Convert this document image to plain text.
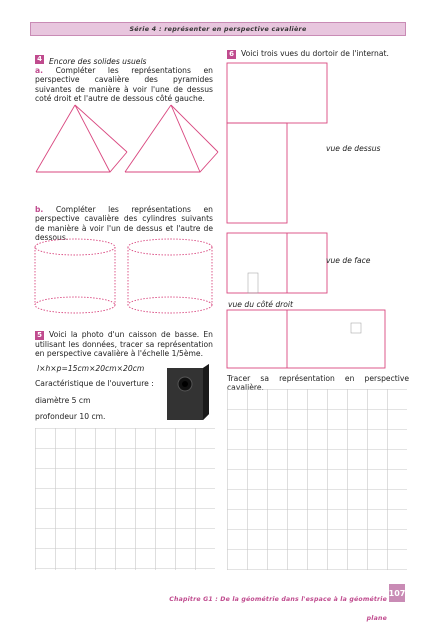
Série 4 : représenter en perspective cavalière
4 Encore des solides usuels
a. Compléter les représentations en perspective cavalière des pyramides suivantes de manière à voir l'une de dessus coté droit et l'autre de dessous côté gauche.
b. Compléter les représentations en perspective cavalière des cylindres suivants de manière à voir l'un de dessus et l'autre de dessous.
5 Voici la photo d'un caisson de basse. En utilisant les données, tracer sa représentation en perspective cavalière à l'échelle 1/5ème.
l×h×p=15cm×20cm×20cm
Caractéristique de l'ouverture :
diamètre 5 cm
profondeur 10 cm.
6 Voici trois vues du dortoir de l'internat.
vue de dessus
vue de face
vue du côté droit
Tracer sa représentation en perspective cavalière.
Chapitre G1 : De la géométrie dans l'espace à la géométrie plane
107
